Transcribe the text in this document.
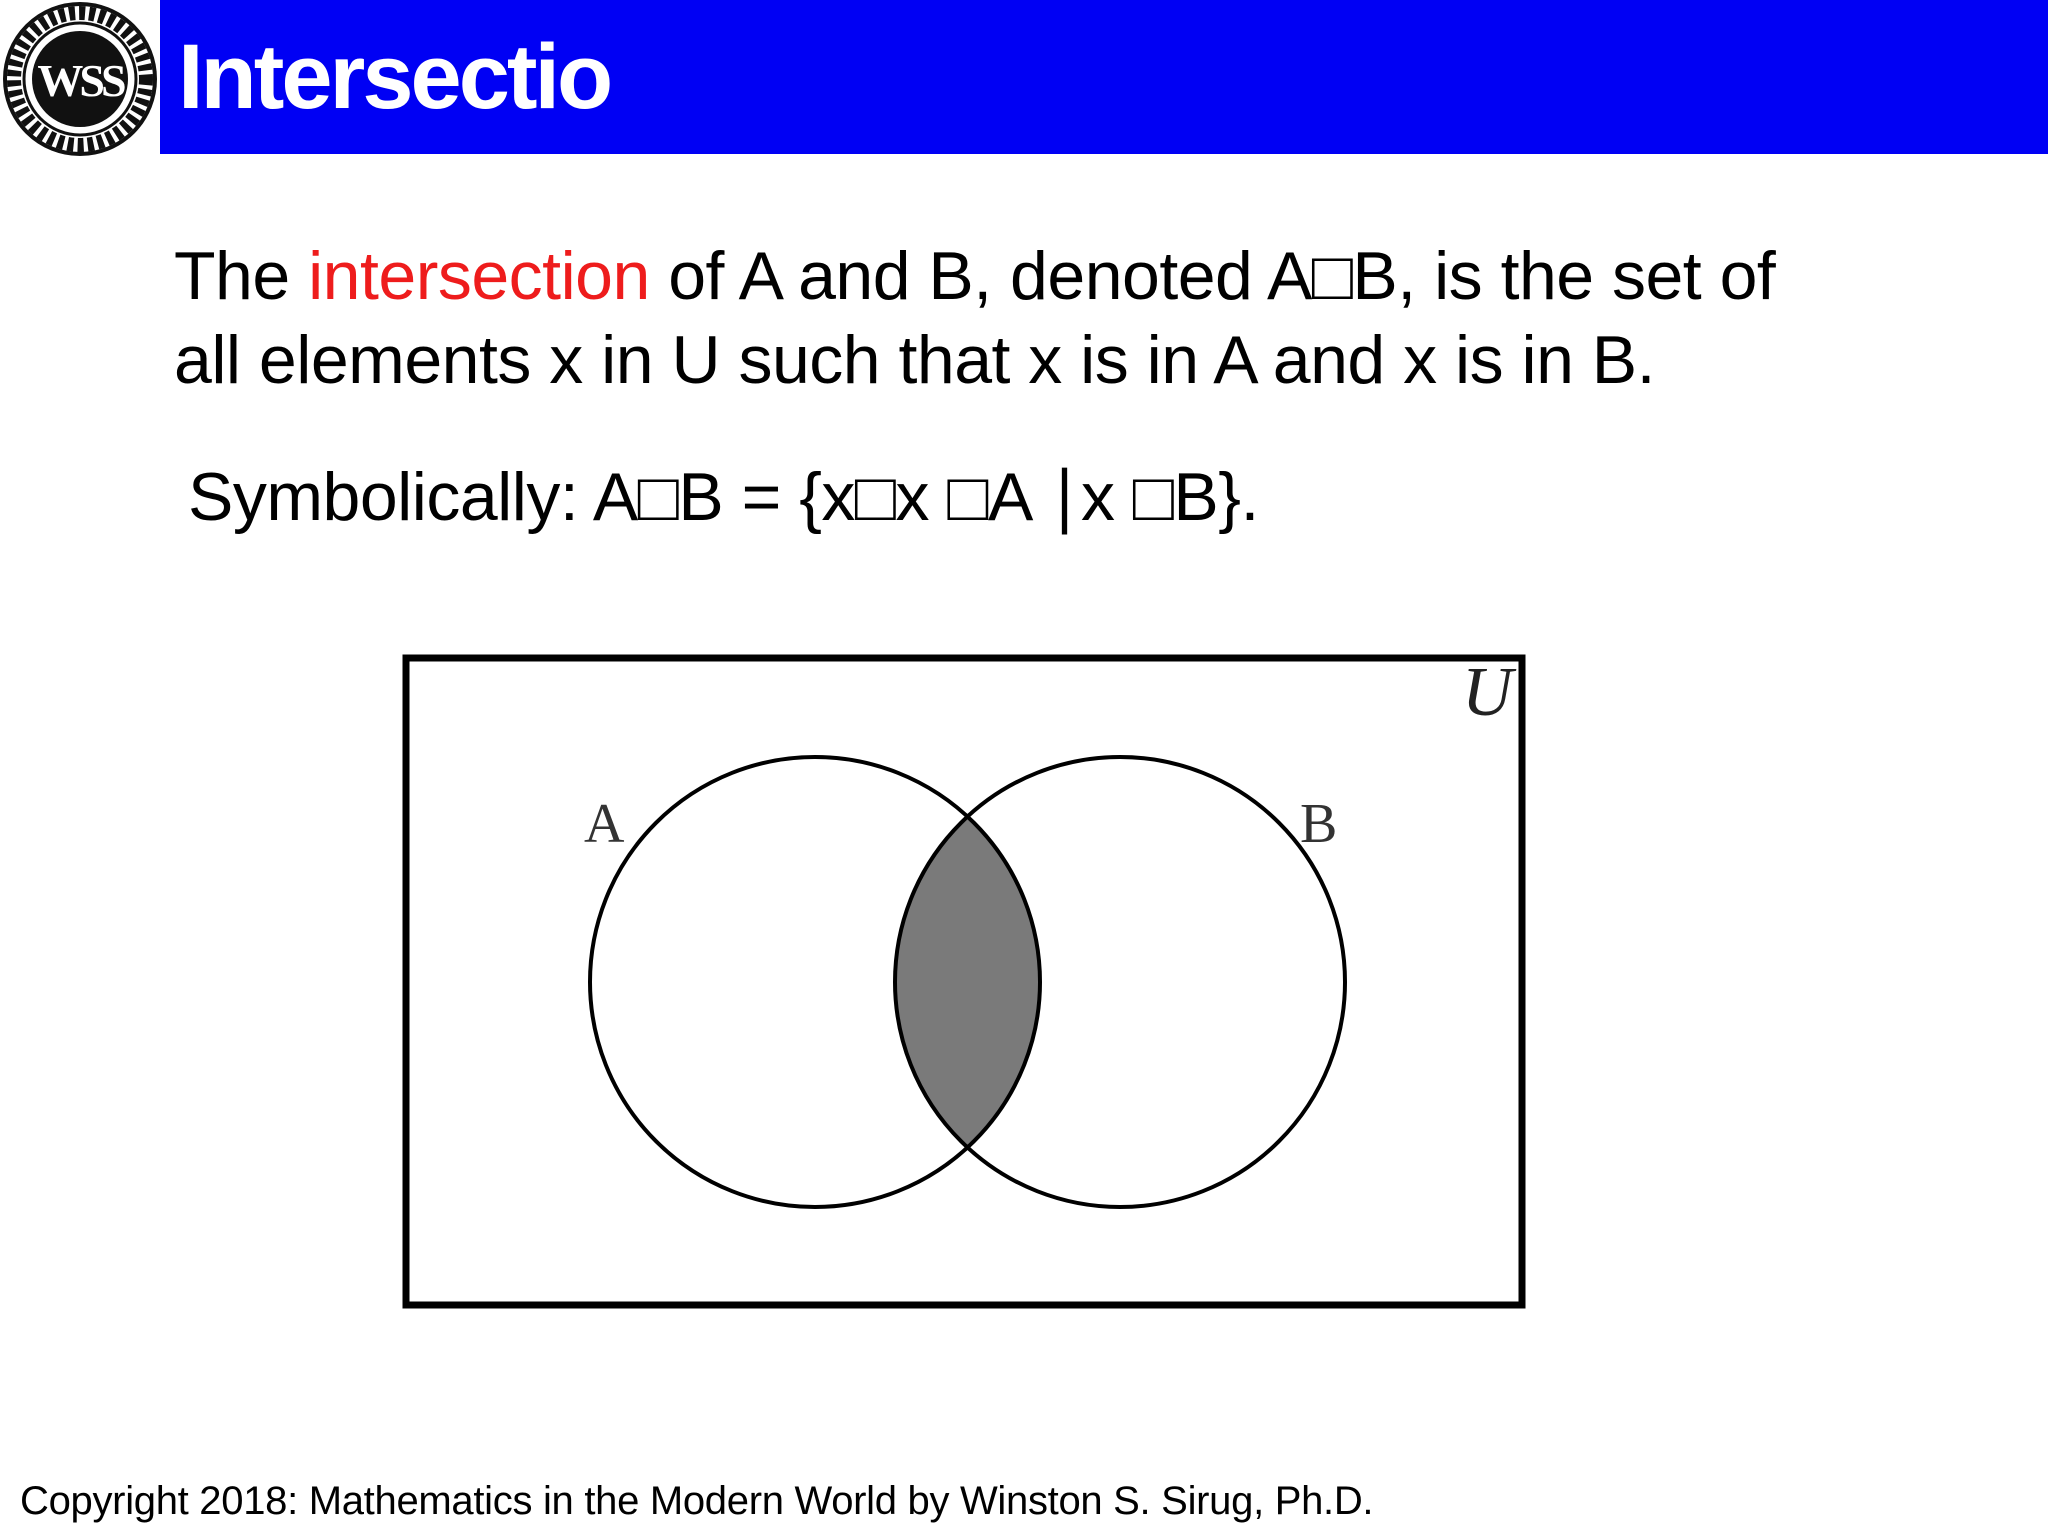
WSS Intersectio

The intersection of A and B, denoted A□B, is the set of
all elements x in U such that x is in A and x is in B.

Symbolically: A□B = {x□x □A ∣x □B}.

U
A	B

Copyright 2018: Mathematics in the Modern World by Winston S. Sirug, Ph.D.
